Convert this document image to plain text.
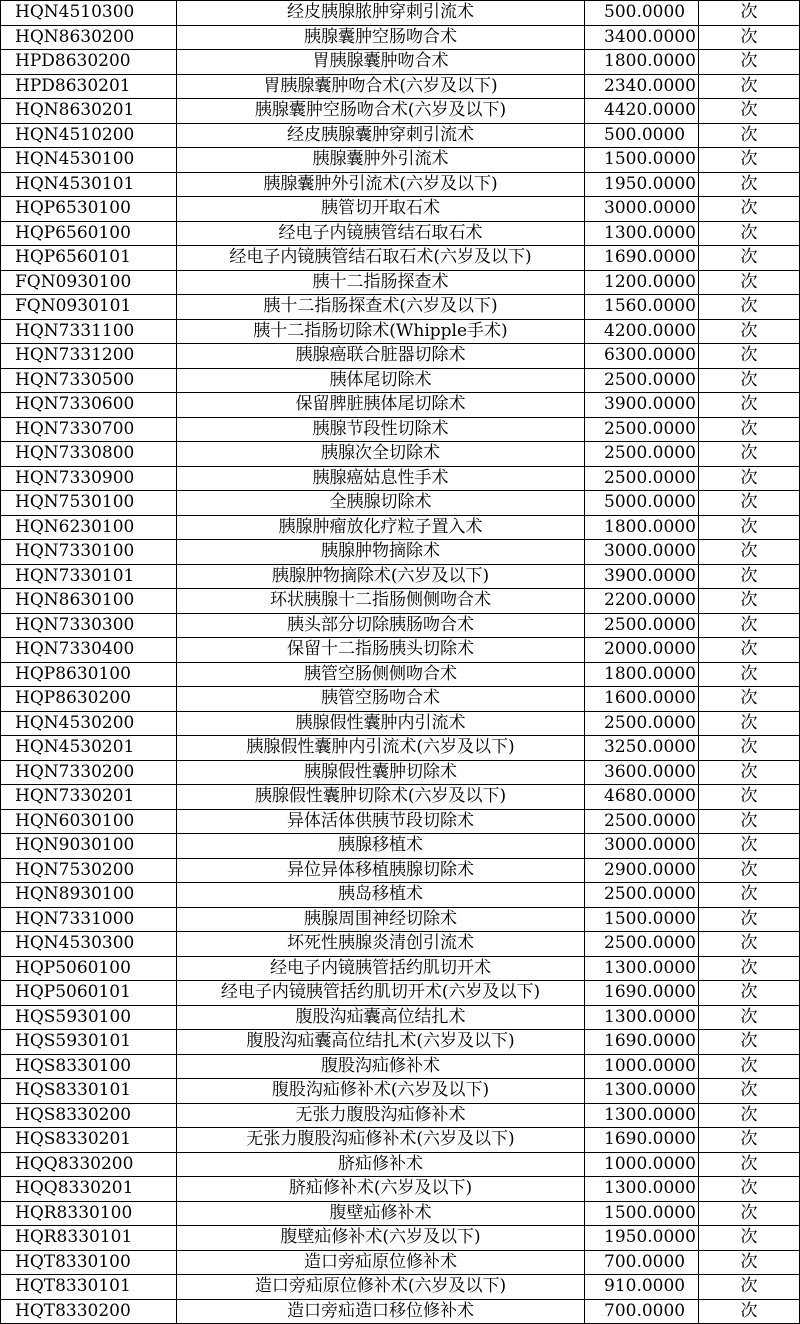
HQN4510300	经皮胰腺脓肿穿刺引流术	500.0000	次
HQN8630200	胰腺囊肿空肠吻合术	3400.0000	次
HPD8630200	胃胰腺囊肿吻合术	1800.0000	次
HPD8630201	胃胰腺囊肿吻合术(六岁及以下)	2340.0000	次
HQN8630201	胰腺囊肿空肠吻合术(六岁及以下)	4420.0000	次
HQN4510200	经皮胰腺囊肿穿刺引流术	500.0000	次
HQN4530100	胰腺囊肿外引流术	1500.0000	次
HQN4530101	胰腺囊肿外引流术(六岁及以下)	1950.0000	次
HQP6530100	胰管切开取石术	3000.0000	次
HQP6560100	经电子内镜胰管结石取石术	1300.0000	次
HQP6560101	经电子内镜胰管结石取石术(六岁及以下)	1690.0000	次
FQN0930100	胰十二指肠探查术	1200.0000	次
FQN0930101	胰十二指肠探查术(六岁及以下)	1560.0000	次
HQN7331100	胰十二指肠切除术(Whipple手术)	4200.0000	次
HQN7331200	胰腺癌联合脏器切除术	6300.0000	次
HQN7330500	胰体尾切除术	2500.0000	次
HQN7330600	保留脾脏胰体尾切除术	3900.0000	次
HQN7330700	胰腺节段性切除术	2500.0000	次
HQN7330800	胰腺次全切除术	2500.0000	次
HQN7330900	胰腺癌姑息性手术	2500.0000	次
HQN7530100	全胰腺切除术	5000.0000	次
HQN6230100	胰腺肿瘤放化疗粒子置入术	1800.0000	次
HQN7330100	胰腺肿物摘除术	3000.0000	次
HQN7330101	胰腺肿物摘除术(六岁及以下)	3900.0000	次
HQN8630100	环状胰腺十二指肠侧侧吻合术	2200.0000	次
HQN7330300	胰头部分切除胰肠吻合术	2500.0000	次
HQN7330400	保留十二指肠胰头切除术	2000.0000	次
HQP8630100	胰管空肠侧侧吻合术	1800.0000	次
HQP8630200	胰管空肠吻合术	1600.0000	次
HQN4530200	胰腺假性囊肿内引流术	2500.0000	次
HQN4530201	胰腺假性囊肿内引流术(六岁及以下)	3250.0000	次
HQN7330200	胰腺假性囊肿切除术	3600.0000	次
HQN7330201	胰腺假性囊肿切除术(六岁及以下)	4680.0000	次
HQN6030100	异体活体供胰节段切除术	2500.0000	次
HQN9030100	胰腺移植术	3000.0000	次
HQN7530200	异位异体移植胰腺切除术	2900.0000	次
HQN8930100	胰岛移植术	2500.0000	次
HQN7331000	胰腺周围神经切除术	1500.0000	次
HQN4530300	坏死性胰腺炎清创引流术	2500.0000	次
HQP5060100	经电子内镜胰管括约肌切开术	1300.0000	次
HQP5060101	经电子内镜胰管括约肌切开术(六岁及以下)	1690.0000	次
HQS5930100	腹股沟疝囊高位结扎术	1300.0000	次
HQS5930101	腹股沟疝囊高位结扎术(六岁及以下)	1690.0000	次
HQS8330100	腹股沟疝修补术	1000.0000	次
HQS8330101	腹股沟疝修补术(六岁及以下)	1300.0000	次
HQS8330200	无张力腹股沟疝修补术	1300.0000	次
HQS8330201	无张力腹股沟疝修补术(六岁及以下)	1690.0000	次
HQQ8330200	脐疝修补术	1000.0000	次
HQQ8330201	脐疝修补术(六岁及以下)	1300.0000	次
HQR8330100	腹壁疝修补术	1500.0000	次
HQR8330101	腹壁疝修补术(六岁及以下)	1950.0000	次
HQT8330100	造口旁疝原位修补术	700.0000	次
HQT8330101	造口旁疝原位修补术(六岁及以下)	910.0000	次
HQT8330200	造口旁疝造口移位修补术	700.0000	次
